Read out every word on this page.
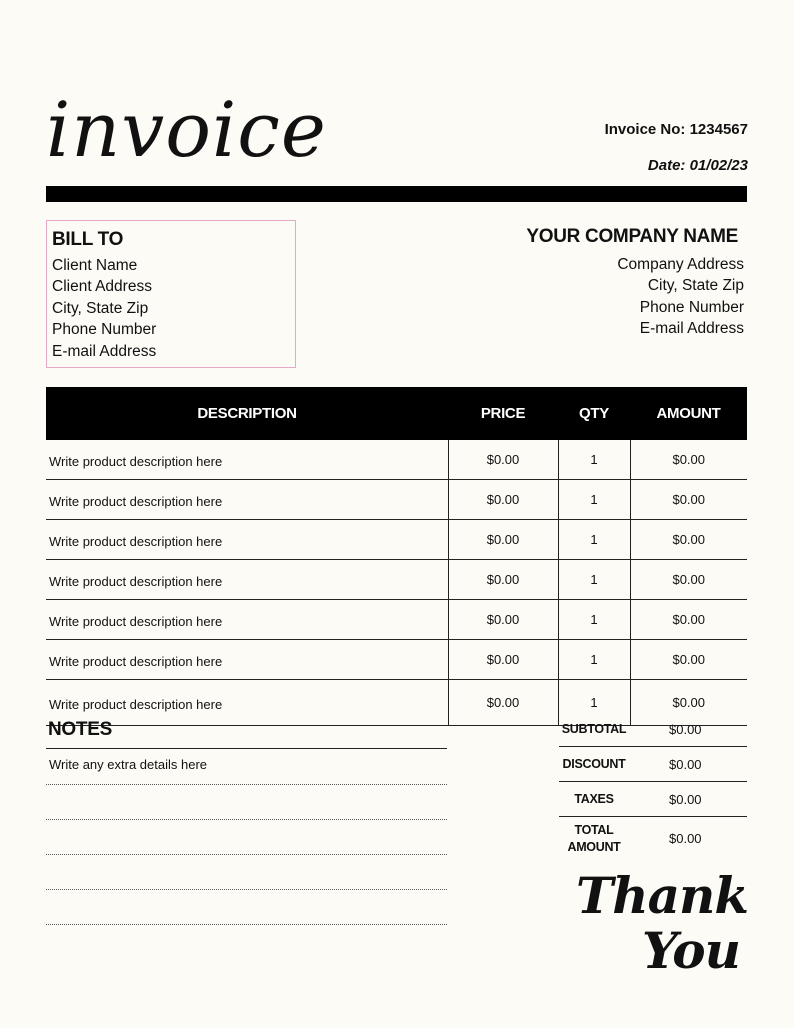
invoice	Invoice No: 1234567
Date: 01/02/23
BILL TO
Client Name
Client Address
City, State Zip
Phone Number
E-mail Address
YOUR COMPANY NAME
Company Address
City, State Zip
Phone Number
E-mail Address
DESCRIPTION	PRICE	QTY	AMOUNT
Write product description here	$0.00	1	$0.00
Write product description here	$0.00	1	$0.00
Write product description here	$0.00	1	$0.00
Write product description here	$0.00	1	$0.00
Write product description here	$0.00	1	$0.00
Write product description here	$0.00	1	$0.00
Write product description here	$0.00	1	$0.00
NOTES
Write any extra details here
SUBTOTAL	$0.00
DISCOUNT	$0.00
TAXES	$0.00
TOTAL
AMOUNT	$0.00
Thank
You
